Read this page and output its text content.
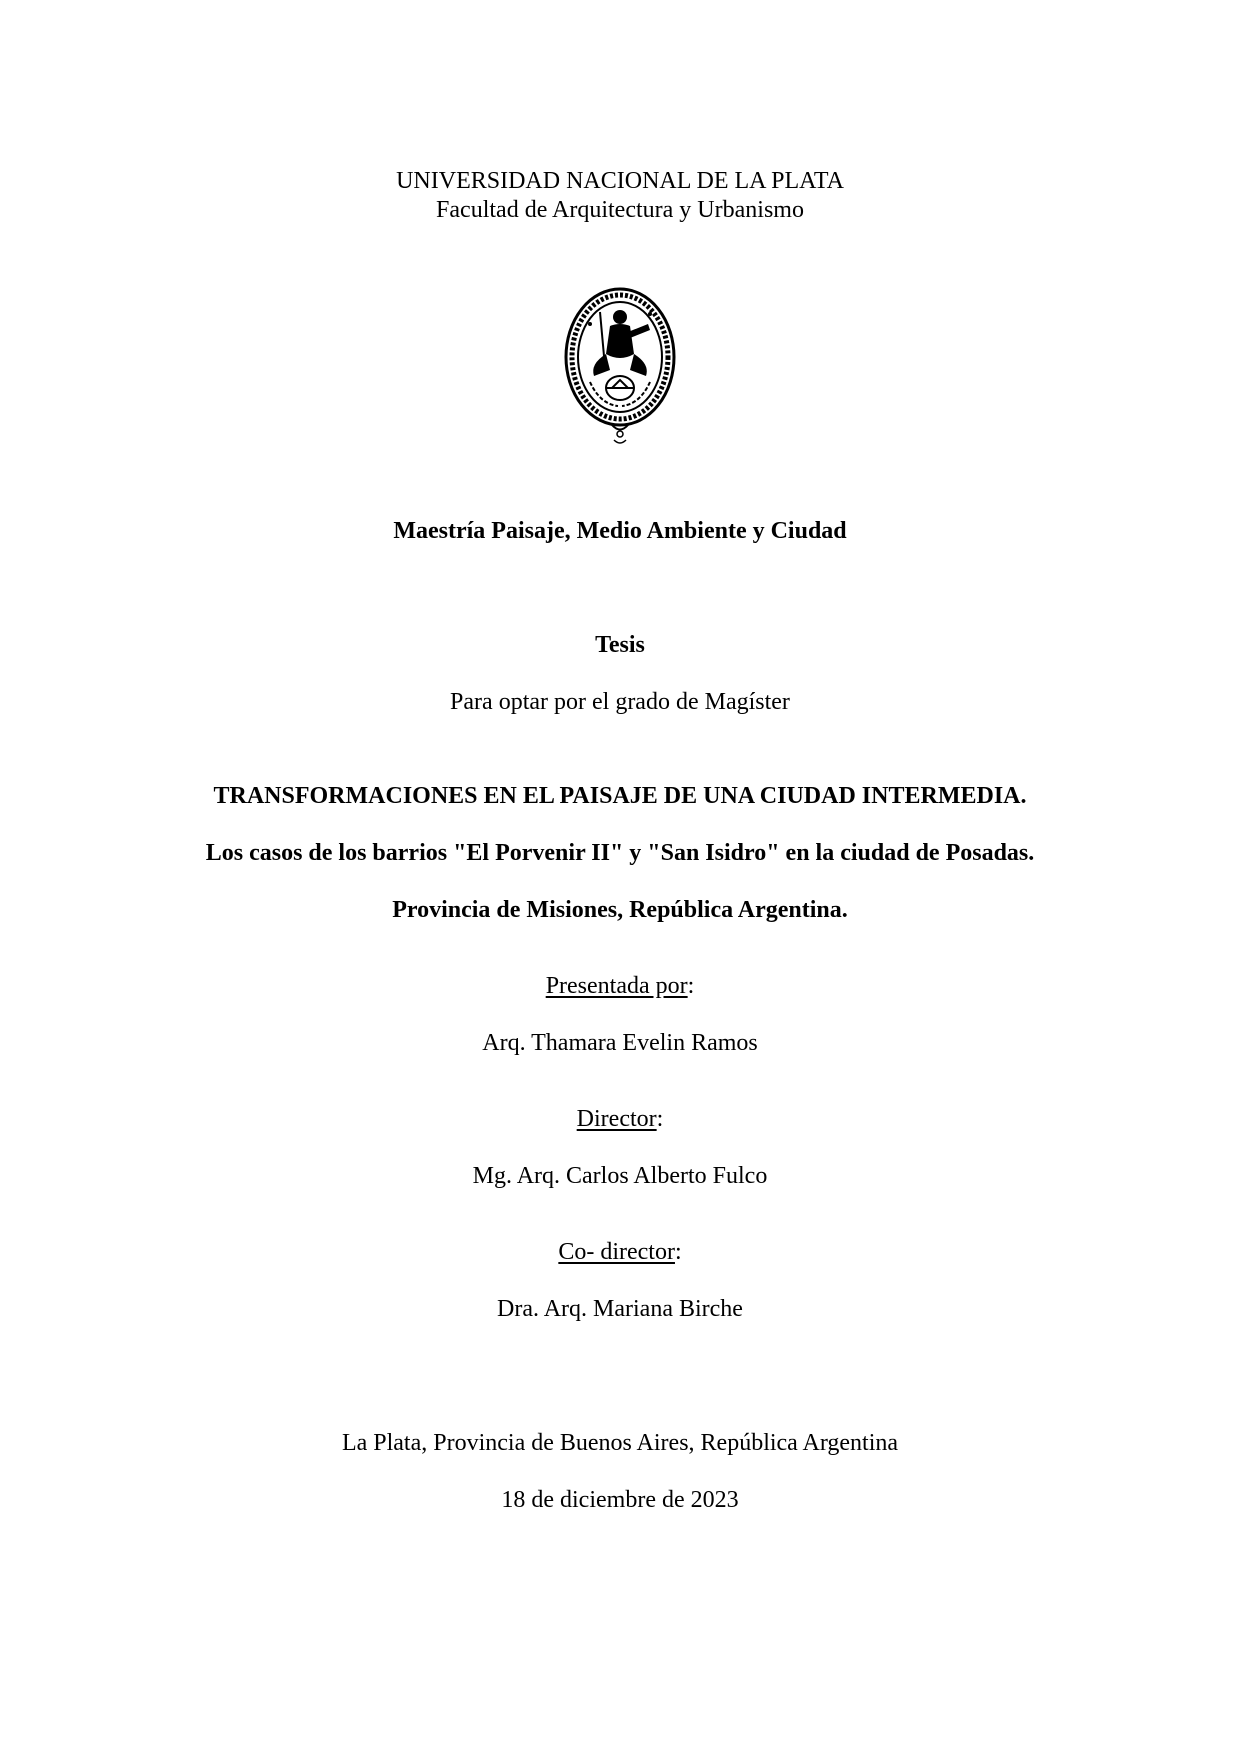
UNIVERSIDAD NACIONAL DE LA PLATA
Facultad de Arquitectura y Urbanismo
Maestría Paisaje, Medio Ambiente y Ciudad
Tesis
Para optar por el grado de Magíster
TRANSFORMACIONES EN EL PAISAJE DE UNA CIUDAD INTERMEDIA.
Los casos de los barrios "El Porvenir II" y "San Isidro" en la ciudad de Posadas.
Provincia de Misiones, República Argentina.
Presentada por:
Arq. Thamara Evelin Ramos
Director:
Mg. Arq. Carlos Alberto Fulco
Co- director:
Dra. Arq. Mariana Birche
La Plata, Provincia de Buenos Aires, República Argentina
18 de diciembre de 2023
